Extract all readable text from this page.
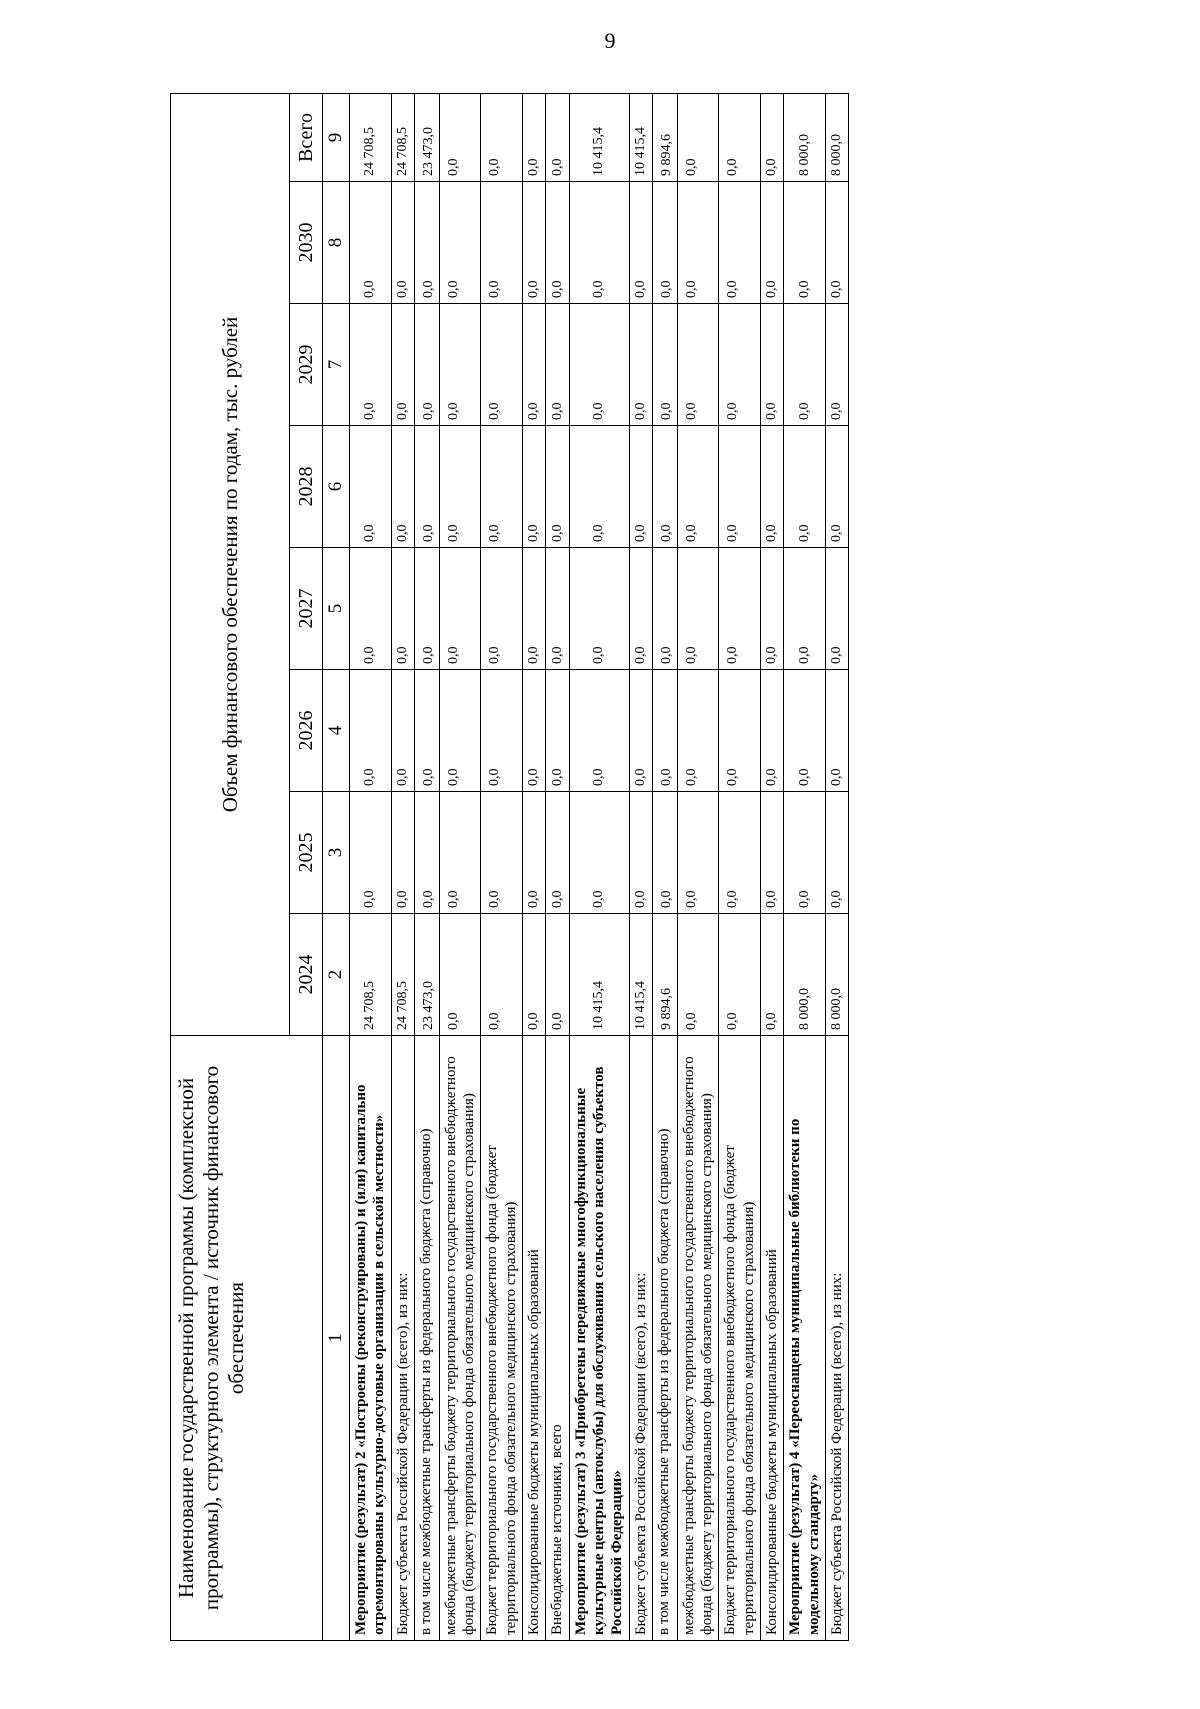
9
Наименование государственной программы (комплексной программы), структурного элемента / источник финансового обеспечения	Объем финансового обеспечения по годам, тыс. рублей							
	2024	2025	2026	2027	2028	2029	2030	Всего
1	2	3	4	5	6	7	8	9
Мероприятие (результат) 2 «Построены (реконструированы) и (или) капитально отремонтированы культурно-досуговые организации в сельской местности»	24 708,5	0,0	0,0	0,0	0,0	0,0	0,0	24 708,5
Бюджет субъекта Российской Федерации (всего), из них:	24 708,5	0,0	0,0	0,0	0,0	0,0	0,0	24 708,5
в том числе межбюджетные трансферты из федерального бюджета (справочно)	23 473,0	0,0	0,0	0,0	0,0	0,0	0,0	23 473,0
межбюджетные трансферты бюджету территориального государственного внебюджетного фонда (бюджету территориального фонда обязательного медицинского страхования)	0,0	0,0	0,0	0,0	0,0	0,0	0,0	0,0
Бюджет территориального государственного внебюджетного фонда (бюджет территориального фонда обязательного медицинского страхования)	0,0	0,0	0,0	0,0	0,0	0,0	0,0	0,0
Консолидированные бюджеты муниципальных образований	0,0	0,0	0,0	0,0	0,0	0,0	0,0	0,0
Внебюджетные источники, всего	0,0	0,0	0,0	0,0	0,0	0,0	0,0	0,0
Мероприятие (результат) 3 «Приобретены передвижные многофункциональные культурные центры (автоклубы) для обслуживания сельского населения субъектов Российской Федерации»	10 415,4	0,0	0,0	0,0	0,0	0,0	0,0	10 415,4
Бюджет субъекта Российской Федерации (всего), из них:	10 415,4	0,0	0,0	0,0	0,0	0,0	0,0	10 415,4
в том числе межбюджетные трансферты из федерального бюджета (справочно)	9 894,6	0,0	0,0	0,0	0,0	0,0	0,0	9 894,6
межбюджетные трансферты бюджету территориального государственного внебюджетного фонда (бюджету территориального фонда обязательного медицинского страхования)	0,0	0,0	0,0	0,0	0,0	0,0	0,0	0,0
Бюджет территориального государственного внебюджетного фонда (бюджет территориального фонда обязательного медицинского страхования)	0,0	0,0	0,0	0,0	0,0	0,0	0,0	0,0
Консолидированные бюджеты муниципальных образований	0,0	0,0	0,0	0,0	0,0	0,0	0,0	0,0
Мероприятие (результат) 4 «Переоснащены муниципальные библиотеки по модельному стандарту»	8 000,0	0,0	0,0	0,0	0,0	0,0	0,0	8 000,0
Бюджет субъекта Российской Федерации (всего), из них:	8 000,0	0,0	0,0	0,0	0,0	0,0	0,0	8 000,0
